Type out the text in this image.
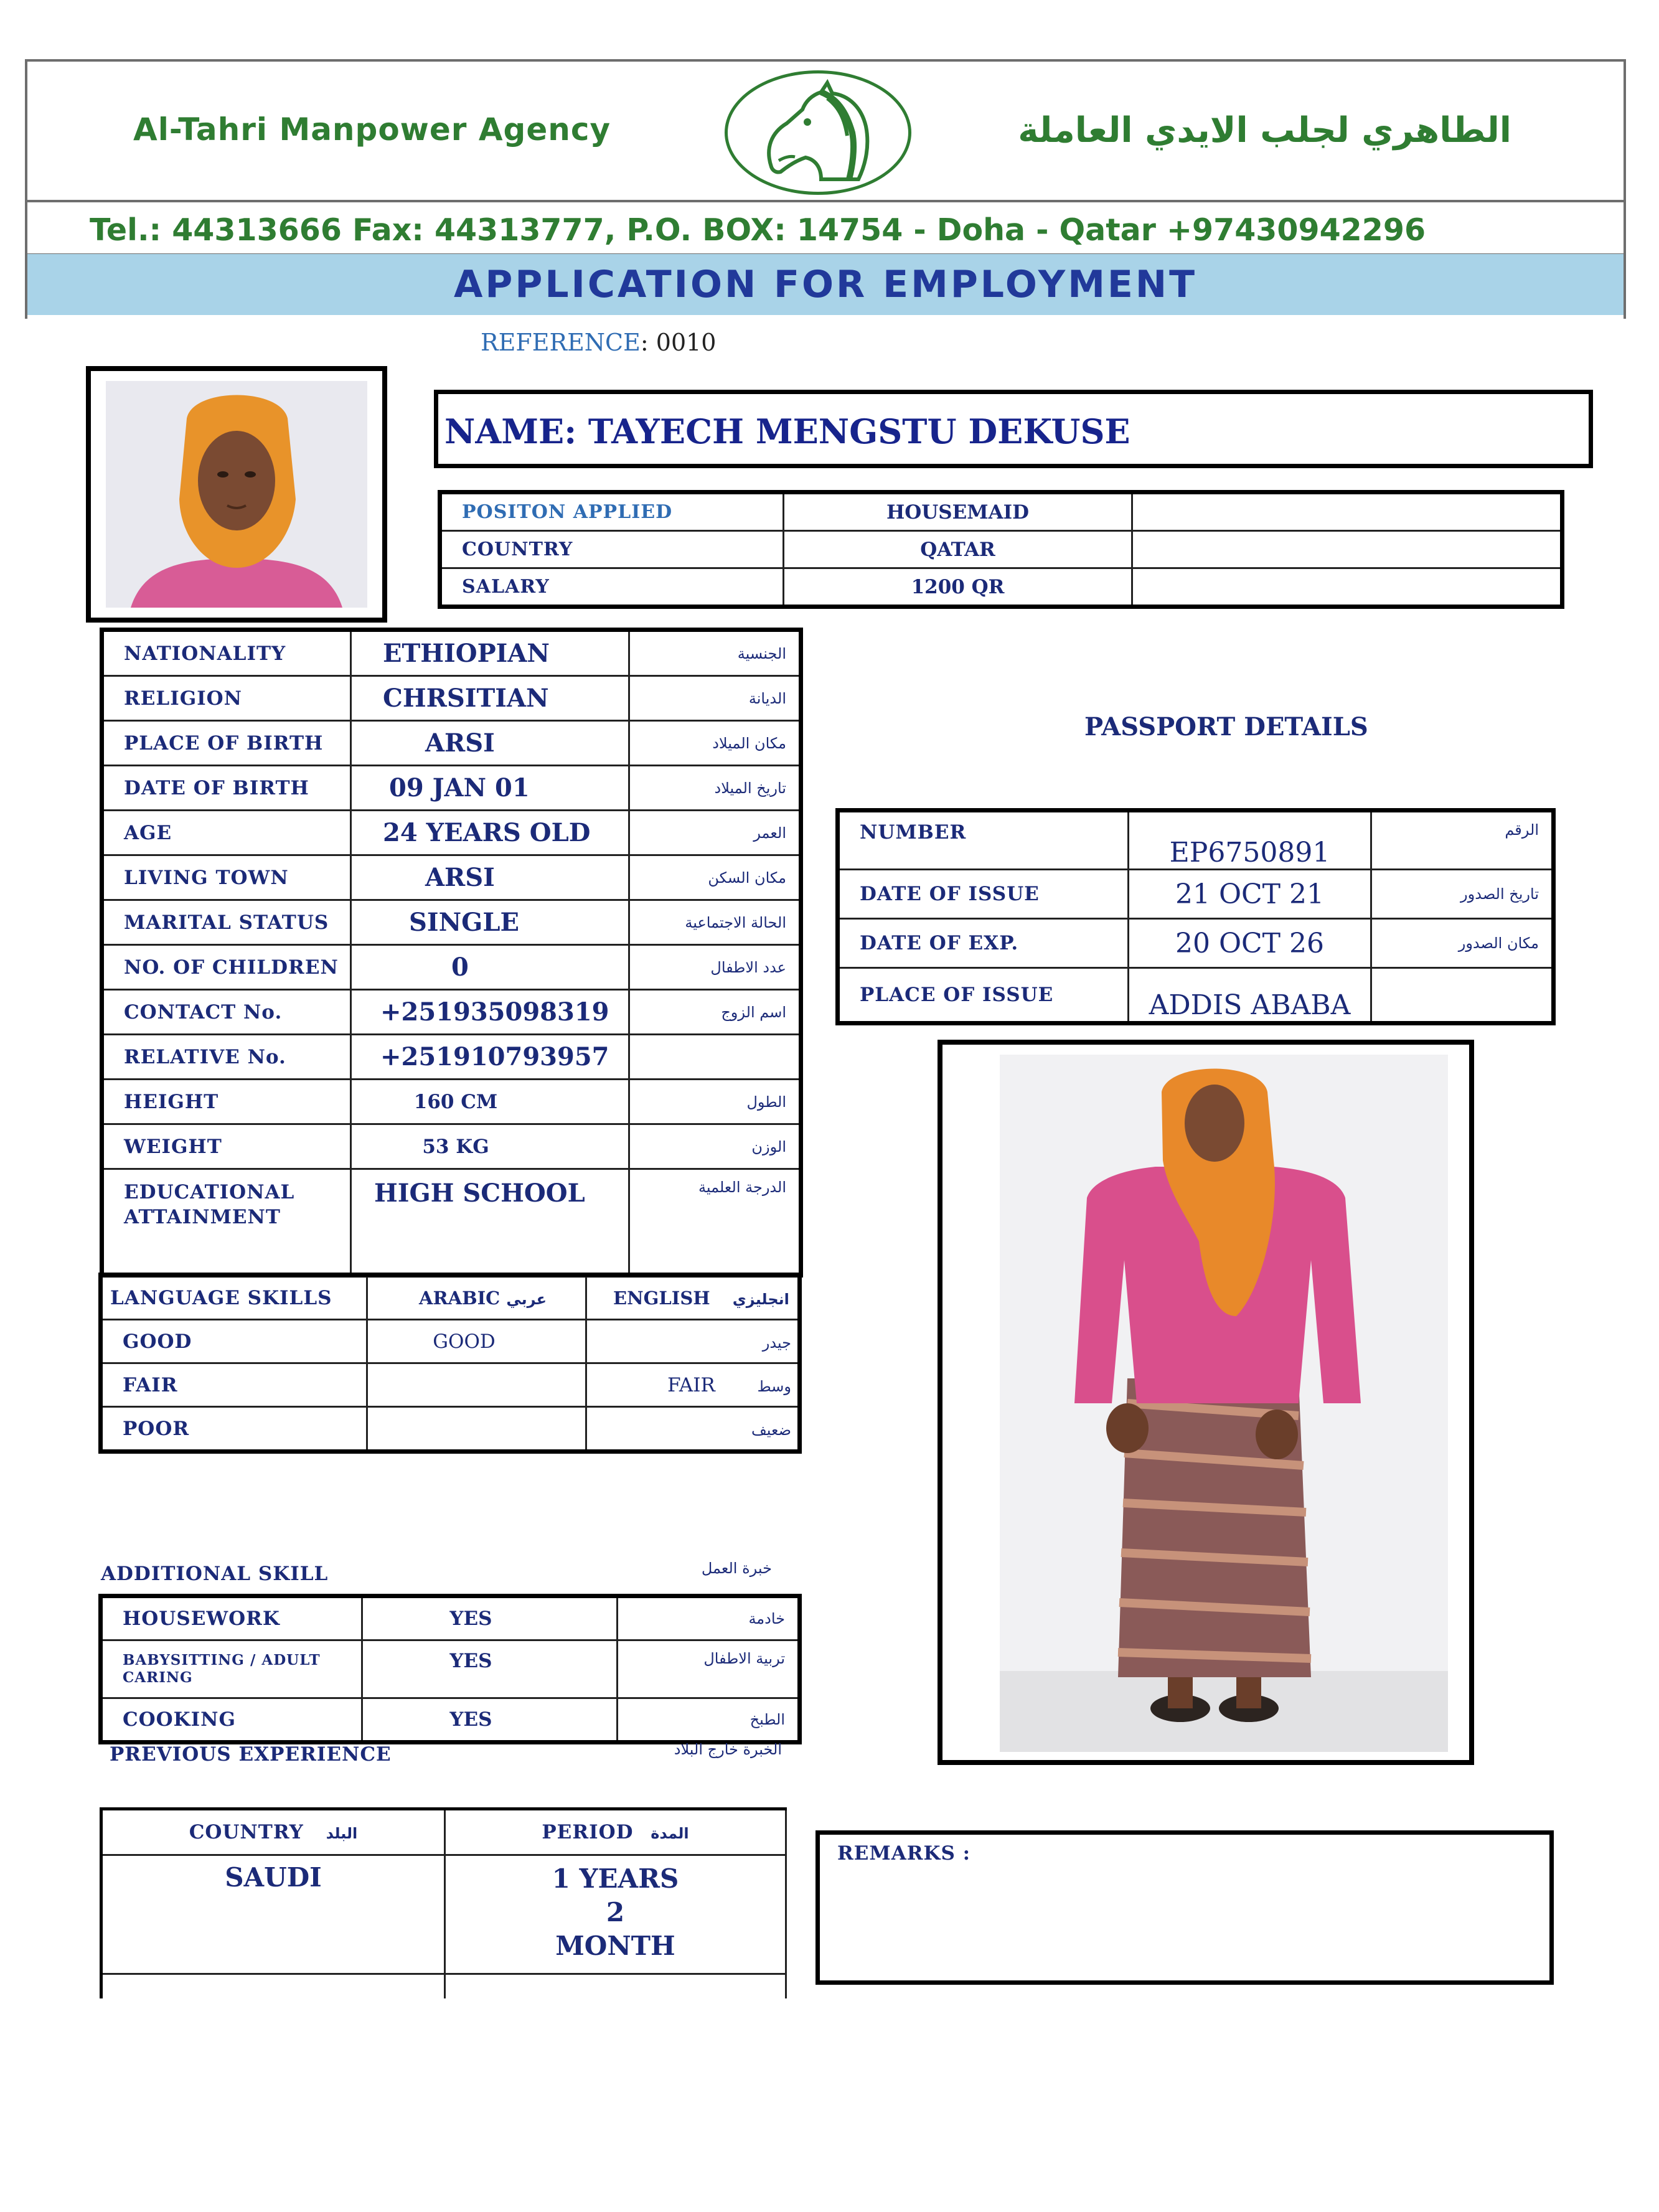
Al-Tahri Manpower Agency	الطاهري لجلب الايدي العاملة
Tel.: 44313666 Fax: 44313777, P.O. BOX: 14754 - Doha - Qatar +97430942296
APPLICATION FOR EMPLOYMENT
REFERENCE: 0010
NAME: TAYECH MENGSTU DEKUSE
POSITON APPLIED	HOUSEMAID	
COUNTRY	QATAR	
SALARY	1200 QR	
NATIONALITY	ETHIOPIAN	الجنسية
RELIGION	CHRSITIAN	الديانة
PLACE OF BIRTH	ARSI	مكان الميلاد
DATE OF BIRTH	09 JAN 01	تاريخ الميلاد
AGE	24 YEARS OLD	العمر
LIVING TOWN	ARSI	مكان السكن
MARITAL STATUS	SINGLE	الحالة الاجتماعية
NO. OF CHILDREN	0	عدد الاطفال
CONTACT No.	+251935098319	اسم الزوج
RELATIVE No.	+251910793957	
HEIGHT	160 CM	الطول
WEIGHT	53 KG	الوزن
EDUCATIONAL
ATTAINMENT	HIGH SCHOOL	الدرجة العلمية
LANGUAGE SKILLS	ARABIC عربي	ENGLISH انجليزي
GOOD	GOOD	جيدر
FAIR		وسط FAIR
POOR		ضعيف
ADDITIONAL SKILL	خبرة العمل
HOUSEWORK	YES	خادمة
BABYSITTING / ADULT
CARING	YES	تربية الاطفال
COOKING	YES	الطبخ
PREVIOUS EXPERIENCE	الخبرة خارج البلاد
COUNTRY البلد	PERIOD المدة
SAUDI	1 YEARS
2
MONTH

PASSPORT DETAILS
NUMBER	EP6750891	الرقم
DATE OF ISSUE	21 OCT 21	تاريخ الصدور
DATE OF EXP.	20 OCT 26	مكان الصدور
PLACE OF ISSUE	ADDIS ABABA	
REMARKS :
